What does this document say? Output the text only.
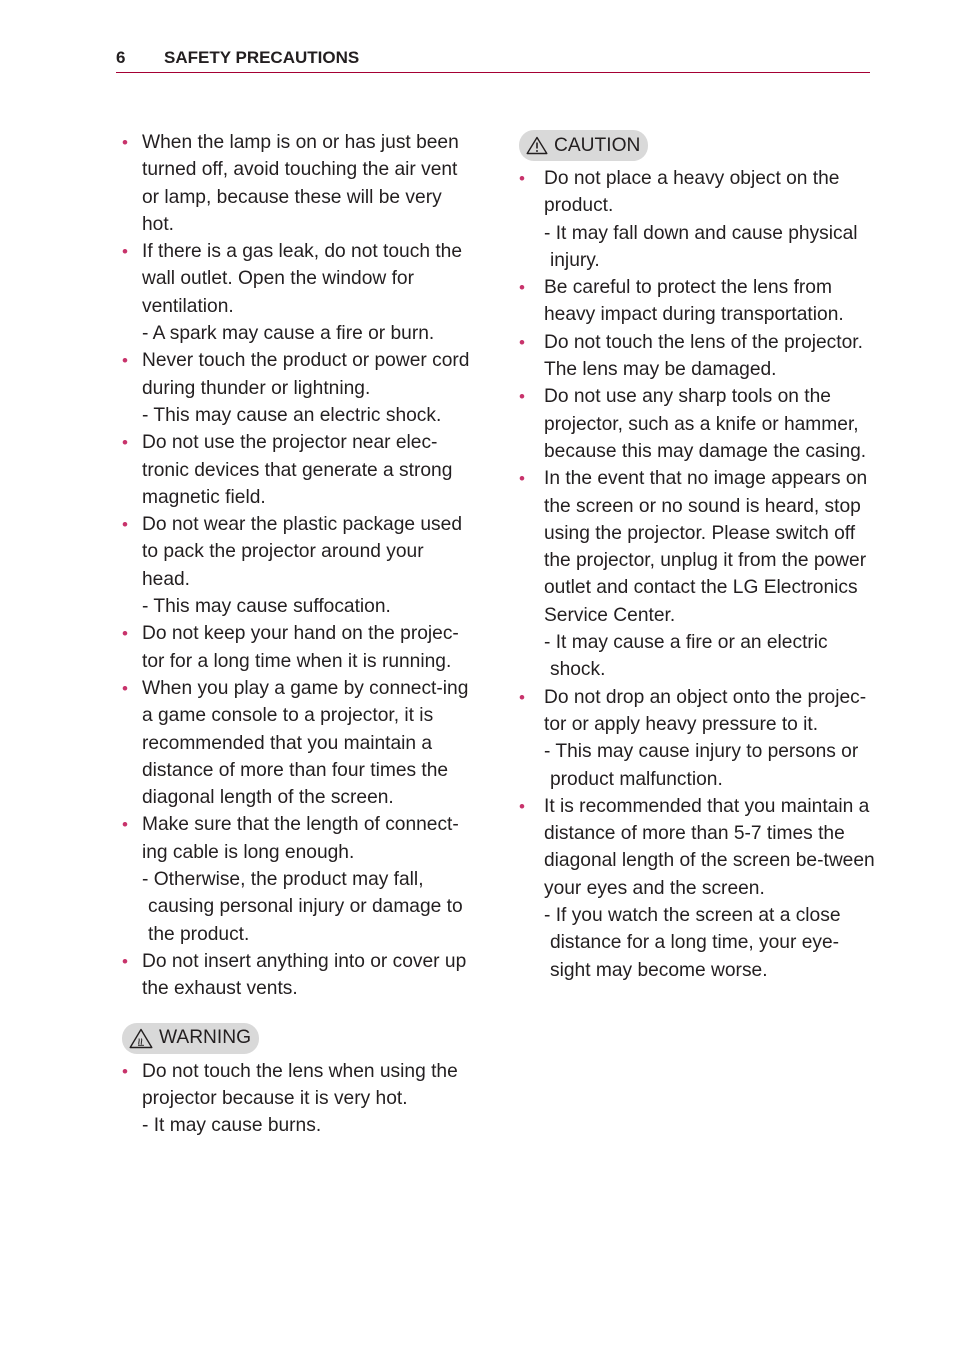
6 SAFETY PRECAUTIONS
• When the lamp is on or has just been turned off, avoid touching the air vent or lamp, because these will be very hot.
• If there is a gas leak, do not touch the wall outlet. Open the window for ventilation.
- A spark may cause a fire or burn.
• Never touch the product or power cord during thunder or lightning.
- This may cause an electric shock.
• Do not use the projector near elec-tronic devices that generate a strong magnetic field.
• Do not wear the plastic package used to pack the projector around your head.
- This may cause suffocation.
• Do not keep your hand on the projec-tor for a long time when it is running.
• When you play a game by connect-ing a game console to a projector, it is recommended that you maintain a distance of more than four times the diagonal length of the screen.
• Make sure that the length of connect-ing cable is long enough.
- Otherwise, the product may fall, causing personal injury or damage to the product.
• Do not insert anything into or cover up the exhaust vents.
WARNING
• Do not touch the lens when using the projector because it is very hot.
- It may cause burns.
CAUTION
• Do not place a heavy object on the product.
- It may fall down and cause physical injury.
• Be careful to protect the lens from heavy impact during transportation.
• Do not touch the lens of the projector. The lens may be damaged.
• Do not use any sharp tools on the projector, such as a knife or hammer, because this may damage the casing.
• In the event that no image appears on the screen or no sound is heard, stop using the projector. Please switch off the projector, unplug it from the power outlet and contact the LG Electronics Service Center.
- It may cause a fire or an electric shock.
• Do not drop an object onto the projec-tor or apply heavy pressure to it.
- This may cause injury to persons or product malfunction.
• It is recommended that you maintain a distance of more than 5-7 times the diagonal length of the screen be-tween your eyes and the screen.
- If you watch the screen at a close distance for a long time, your eye-sight may become worse.
